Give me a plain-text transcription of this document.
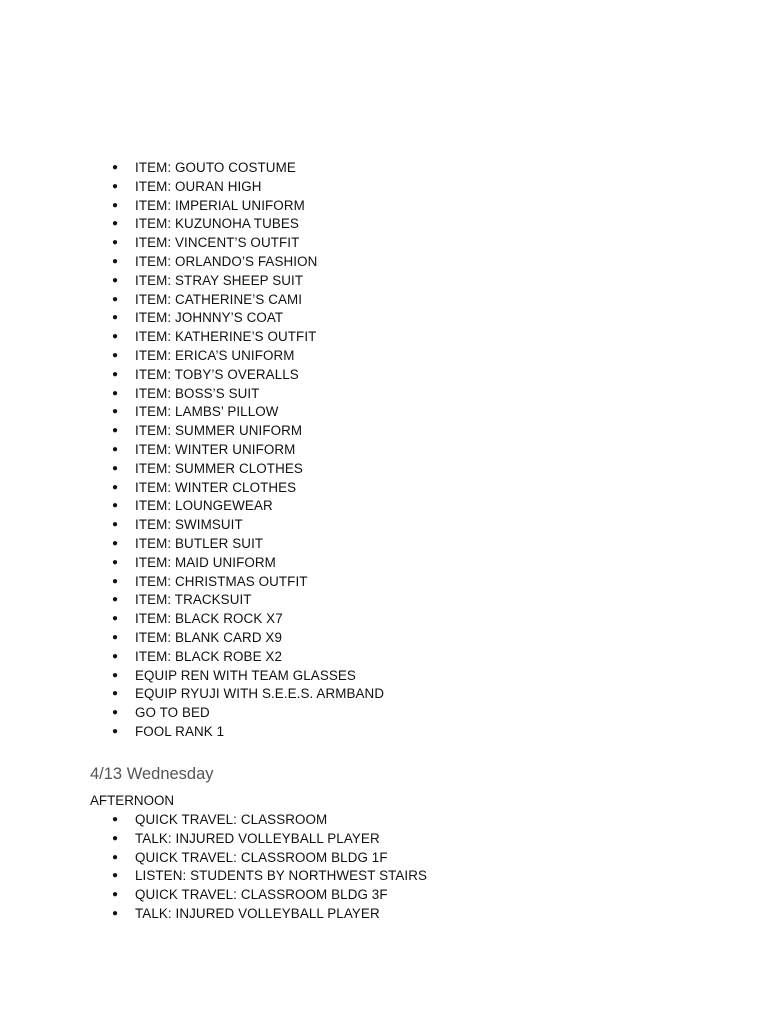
● ITEM: GOUTO COSTUME
● ITEM: OURAN HIGH
● ITEM: IMPERIAL UNIFORM
● ITEM: KUZUNOHA TUBES
● ITEM: VINCENT’S OUTFIT
● ITEM: ORLANDO’S FASHION
● ITEM: STRAY SHEEP SUIT
● ITEM: CATHERINE’S CAMI
● ITEM: JOHNNY’S COAT
● ITEM: KATHERINE’S OUTFIT
● ITEM: ERICA’S UNIFORM
● ITEM: TOBY’S OVERALLS
● ITEM: BOSS’S SUIT
● ITEM: LAMBS’ PILLOW
● ITEM: SUMMER UNIFORM
● ITEM: WINTER UNIFORM
● ITEM: SUMMER CLOTHES
● ITEM: WINTER CLOTHES
● ITEM: LOUNGEWEAR
● ITEM: SWIMSUIT
● ITEM: BUTLER SUIT
● ITEM: MAID UNIFORM
● ITEM: CHRISTMAS OUTFIT
● ITEM: TRACKSUIT
● ITEM: BLACK ROCK X7
● ITEM: BLANK CARD X9
● ITEM: BLACK ROBE X2
● EQUIP REN WITH TEAM GLASSES
● EQUIP RYUJI WITH S.E.E.S. ARMBAND
● GO TO BED
● FOOL RANK 1
4/13 Wednesday

AFTERNOON

● QUICK TRAVEL: CLASSROOM
● TALK: INJURED VOLLEYBALL PLAYER
● QUICK TRAVEL: CLASSROOM BLDG 1F
● LISTEN: STUDENTS BY NORTHWEST STAIRS
● QUICK TRAVEL: CLASSROOM BLDG 3F
● TALK: INJURED VOLLEYBALL PLAYER
